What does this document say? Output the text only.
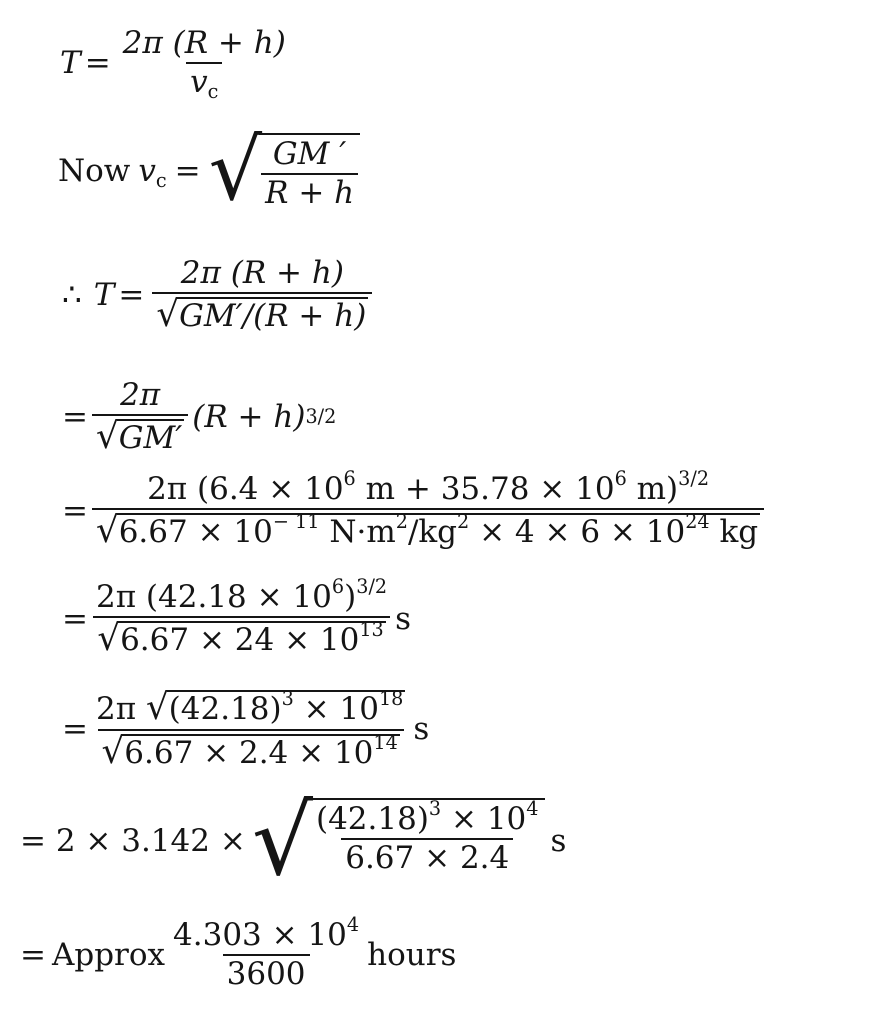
$T = \frac{2\pi (R + h)}{v_c}$
Now $v_c$ = √ $\frac{GM '}{R + h}$
∴ $T = \frac{2\pi (R + h)}{√ GM'/(R + h)}$
= $\frac{2\pi}{√ GM'} (R + h)$ 3/2
= $\frac{2\pi (6.4 \times 10^6 m + 35.78 \times 10^6 m)^{3/2}}{√ 6.67 \times 10^{- 11} N\cdot m^2/kg^2 \times 4 \times 6 \times 10^{24} kg}$
= $\frac{2\pi (42.18 \times 10^6)^{3/2}}{√ 6.67 \times 24 \times 10^{13}}$ s
= $\frac{2\pi √ (42.18)^3 \times 10^{18}}{√ 6.67 \times 2.4 \times 10^{14}}$ s
= 2 × 3.142 × √ $\frac{(42.18)^3 \times 10^4}{6.67 \times 2.4}$ s
= Approx $\frac{4.303 \times 10^4}{3600}$ hours
